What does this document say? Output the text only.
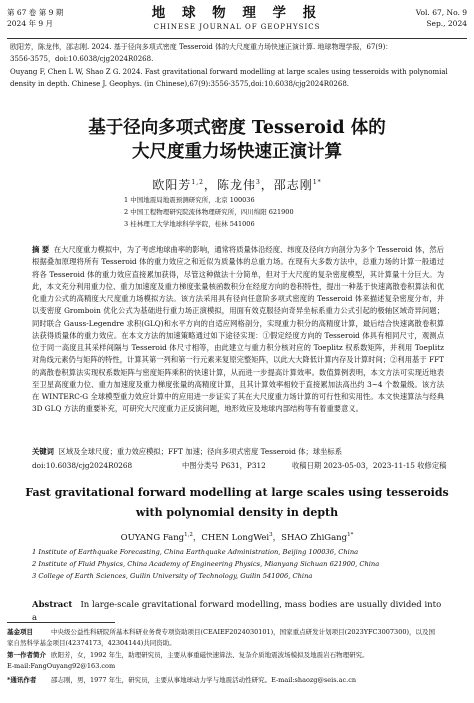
第 67 卷 第 9 期
2024 年 9 月
地 球 物 理 学 报
CHINESE JOURNAL OF GEOPHYSICS
Vol. 67, No. 9
Sep., 2024
欧阳芳，陈龙伟，邵志刚. 2024. 基于径向多项式密度 Tesseroid 体的大尺度重力场快速正演计算. 地球物理学报，67(9)：
3556-3575，doi:10.6038/cjg2024R0268.
Ouyang F, Chen L W, Shao Z G. 2024. Fast gravitational forward modelling at large scales using tesseroids with polynomial
density in depth. Chinese J. Geophys. (in Chinese),67(9):3556-3575,doi:10.6038/cjg2024R0268.
基于径向多项式密度 Tesseroid 体的
大尺度重力场快速正演计算
欧阳芳$^{1,2}$，陈龙伟$^3$，邵志刚$^{1*}$
1 中国地震局地震预测研究所，北京 100036
2 中国工程物理研究院流体物理研究所，四川绵阳 621900
3 桂林理工大学地球科学学院，桂林 541006
摘 要 在大尺度重力模拟中，为了考虑地球曲率的影响，通常将质量体沿经度、纬度及径向方向剖分为多个 Tesseroid 体，然后根据叠加原理将所有 Tesseroid 体的重力效应之和近似为质量体的总重力场。在现有大多数方法中，总重力场的计算一般通过将各 Tesseroid 体的重力效应直接累加获得，尽管这种做法十分简单，但对于大尺度的复杂密度模型，其计算量十分巨大。为此，本文充分利用重力位、重力加速度及重力梯度张量核函数积分在经度方向的卷积特性，提出一种基于快速离散卷积算法和优化重力公式的高精度大尺度重力场模拟方法。该方法采用具有径向任意阶多项式密度的 Tesseroid 体来描述复杂密度分布，并以变密度 Gromboin 优化公式为基础进行重力场正演模拟，用面有效克服径向奇异坐标系重力公式引起的极轴区域奇异问题；同时联合 Gauss-Legendre 求积(GLQ)和水平方向的自适应网格剖分，实现重力积分的高精度计算，最后结合快速离散卷积算法获得质量体的重力效应。在本文方法的加速策略通过如下途径实现：①假定经度方向的 Tesseroid 体具有相同尺寸，观测点位于同一高度且其采样间隔与 Tesseroid 体尺寸相等，由此建立与重力积分核对应的 Toeplitz 权系数矩阵，并利用 Toeplitz 对角线元素仍与矩阵的特性，计算其第一列和第一行元素来复原完整矩阵，以此大大降低计算内存及计算时间；②利用基于 FFT 的离散卷积算法实现权系数矩阵与密度矩阵乘积的快速计算，从而进一步提高计算效率。数值算例表明，本文方法可实现近地表至卫星高度重力位、重力加速度及重力梯度张量的高精度计算，且其计算效率相较于直接累加法高出约 3~4 个数量级。该方法在 WINTERC-G 全球模型重力效应计算中的应用进一步证实了其在大尺度重力场计算的可行性和实用性。本文快速算法与经典 3D GLQ 方法的重要补充，可研究大尺度重力正反演问题，地形效应及地球内部结构等有着重要意义。
关键词 区域及全球尺度；重力效应模拟；FFT 加速；径向多项式密度 Tesseroid 体；球坐标系
doi:10.6038/cjg2024R0268	中图分类号 P631，P312	收稿日期 2023-05-03，2023-11-15 收修定稿
Fast gravitational forward modelling at large scales using tesseroids
with polynomial density in depth
OUYANG Fang$^{1,2}$，CHEN LongWei$^3$，SHAO ZhiGang$^{1*}$
1 Institute of Earthquake Forecasting, China Earthquake Administration, Beijing 100036, China
2 Institute of Fluid Physics, China Academy of Engineering Physics, Mianyang Sichuan 621900, China
3 College of Earth Sciences, Guilin University of Technology, Guilin 541006, China
Abstract In large-scale gravitational forward modelling, mass bodies are usually divided into a
基金项目	中央级公益性科研院所基本科研业务费专项资助项目(CEAIEF2024030101)，国家重点研发计划项目(2023YFC3007300)，以及国
家自然科学基金项目(42374173，42304144)共同资助。
第一作者简介 欧阳芳，女，1992 年生，助理研究员，主要从事重磁快速算法、复杂介质地震波场模拟及地震岩石物理研究。
E-mail:FangOuyang92@163.com
*通讯作者 邵志刚，男，1977 年生，研究员，主要从事地球动力学与地震活动性研究。E-mail:shaozg@seis.ac.cn
